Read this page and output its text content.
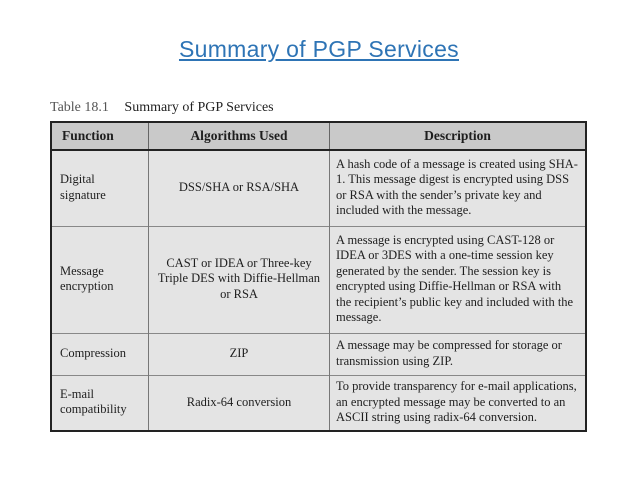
Summary of PGP Services
Table 18.1 Summary of PGP Services
Function	Algorithms Used	Description
Digital signature	DSS/SHA or RSA/SHA	A hash code of a message is created using SHA-1. This message digest is encrypted using DSS or RSA with the sender’s private key and included with the message.
Message encryption	CAST or IDEA or Three-key Triple DES with Diffie-Hellman or RSA	A message is encrypted using CAST-128 or IDEA or 3DES with a one-time session key generated by the sender. The session key is encrypted using Diffie-Hellman or RSA with the recipient’s public key and included with the message.
Compression	ZIP	A message may be compressed for storage or transmission using ZIP.
E-mail compatibility	Radix-64 conversion	To provide transparency for e-mail applications, an encrypted message may be converted to an ASCII string using radix-64 conversion.
